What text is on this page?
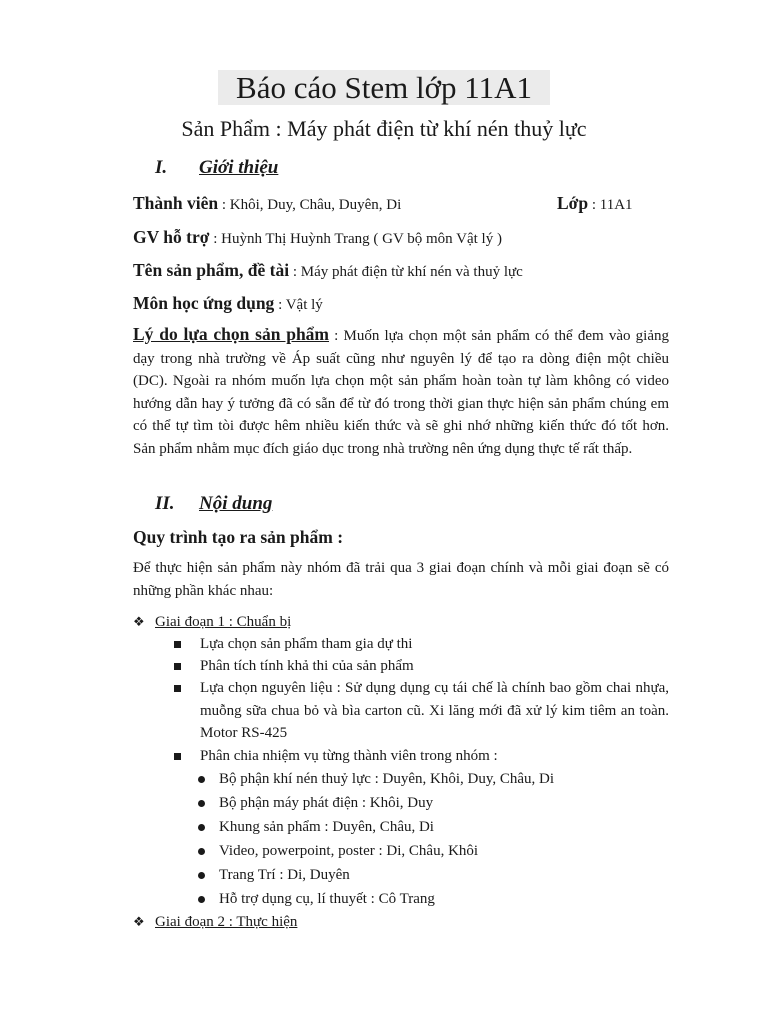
Báo cáo Stem lớp 11A1
Sản Phẩm : Máy phát điện từ khí nén thuỷ lực
I. Giới thiệu
Thành viên : Khôi, Duy, Châu, Duyên, Di	Lớp : 11A1
GV hỗ trợ : Huỳnh Thị Huỳnh Trang ( GV bộ môn Vật lý )
Tên sản phẩm, đề tài : Máy phát điện từ khí nén và thuỷ lực
Môn học ứng dụng : Vật lý
Lý do lựa chọn sản phẩm : Muốn lựa chọn một sản phẩm có thể đem vào giảng dạy trong nhà trường về Áp suất cũng như nguyên lý để tạo ra dòng điện một chiều (DC). Ngoài ra nhóm muốn lựa chọn một sản phẩm hoàn toàn tự làm không có video hướng dẫn hay ý tưởng đã có sẵn để từ đó trong thời gian thực hiện sản phẩm chúng em có thể tự tìm tòi được hêm nhiều kiến thức và sẽ ghi nhớ những kiến thức đó tốt hơn. Sản phẩm nhằm mục đích giáo dục trong nhà trường nên ứng dụng thực tế rất thấp.
II. Nội dung
Quy trình tạo ra sản phẩm :
Để thực hiện sản phẩm này nhóm đã trải qua 3 giai đoạn chính và mỗi giai đoạn sẽ có những phần khác nhau:
❖ Giai đoạn 1 : Chuẩn bị
Lựa chọn sản phẩm tham gia dự thi
Phân tích tính khả thi của sản phẩm
Lựa chọn nguyên liệu : Sử dụng dụng cụ tái chế là chính bao gồm chai nhựa, muỗng sữa chua bỏ và bìa carton cũ. Xi lăng mới đã xử lý kim tiêm an toàn. Motor RS-425
Phân chia nhiệm vụ từng thành viên trong nhóm :
Bộ phận khí nén thuỷ lực : Duyên, Khôi, Duy, Châu, Di
Bộ phận máy phát điện : Khôi, Duy
Khung sản phẩm : Duyên, Châu, Di
Video, powerpoint, poster : Di, Châu, Khôi
Trang Trí : Di, Duyên
Hỗ trợ dụng cụ, lí thuyết : Cô Trang
❖ Giai đoạn 2 : Thực hiện
